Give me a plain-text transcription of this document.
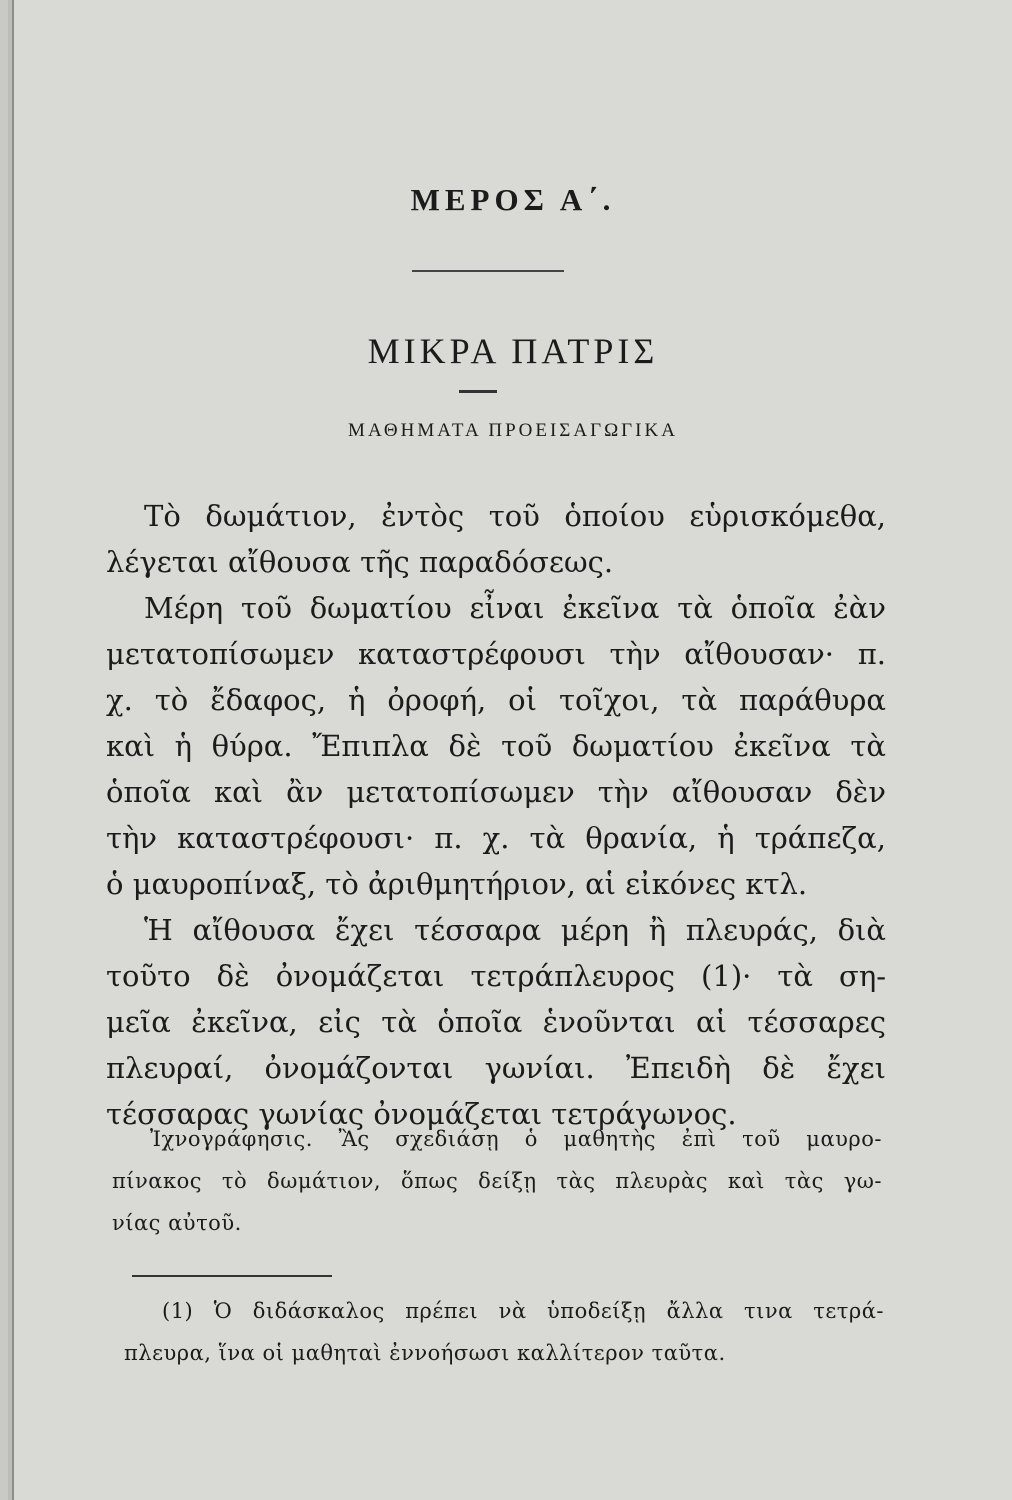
ΜΕΡΟΣ Α΄.
ΜΙΚΡΑ ΠΑΤΡΙΣ
ΜΑΘΗΜΑΤΑ ΠΡΟΕΙΣΑΓΩΓΙΚΑ
Τὸ δωμάτιον, ἐντὸς τοῦ ὁποίου εὑρισκόμεθα,
λέγεται αἴθουσα τῆς παραδόσεως.
Μέρη τοῦ δωματίου εἶναι ἐκεῖνα τὰ ὁποῖα ἐὰν
μετατοπίσωμεν καταστρέφουσι τὴν αἴθουσαν· π.
χ. τὸ ἔδαφος, ἡ ὀροφή, οἱ τοῖχοι, τὰ παράθυρα
καὶ ἡ θύρα. Ἔπιπλα δὲ τοῦ δωματίου ἐκεῖνα τὰ
ὁποῖα καὶ ἂν μετατοπίσωμεν τὴν αἴθουσαν δὲν
τὴν καταστρέφουσι· π. χ. τὰ θρανία, ἡ τράπεζα,
ὁ μαυροπίναξ, τὸ ἀριθμητήριον, αἱ εἰκόνες κτλ.
Ἡ αἴθουσα ἔχει τέσσαρα μέρη ἢ πλευράς, διὰ
τοῦτο δὲ ὀνομάζεται τετράπλευρος (1)· τὰ ση-
μεῖα ἐκεῖνα, εἰς τὰ ὁποῖα ἑνοῦνται αἱ τέσσαρες
πλευραί, ὀνομάζονται γωνίαι. Ἐπειδὴ δὲ ἔχει
τέσσαρας γωνίας ὀνομάζεται τετράγωνος.
Ἰχνογράφησις. Ἂς σχεδιάσῃ ὁ μαθητὴς ἐπὶ τοῦ μαυρο-
πίνακος τὸ δωμάτιον, ὅπως δείξῃ τὰς πλευρὰς καὶ τὰς γω-
νίας αὐτοῦ.
(1) Ὁ διδάσκαλος πρέπει νὰ ὑποδείξῃ ἄλλα τινα τετρά-
πλευρα, ἵνα οἱ μαθηταὶ ἐννοήσωσι καλλίτερον ταῦτα.
